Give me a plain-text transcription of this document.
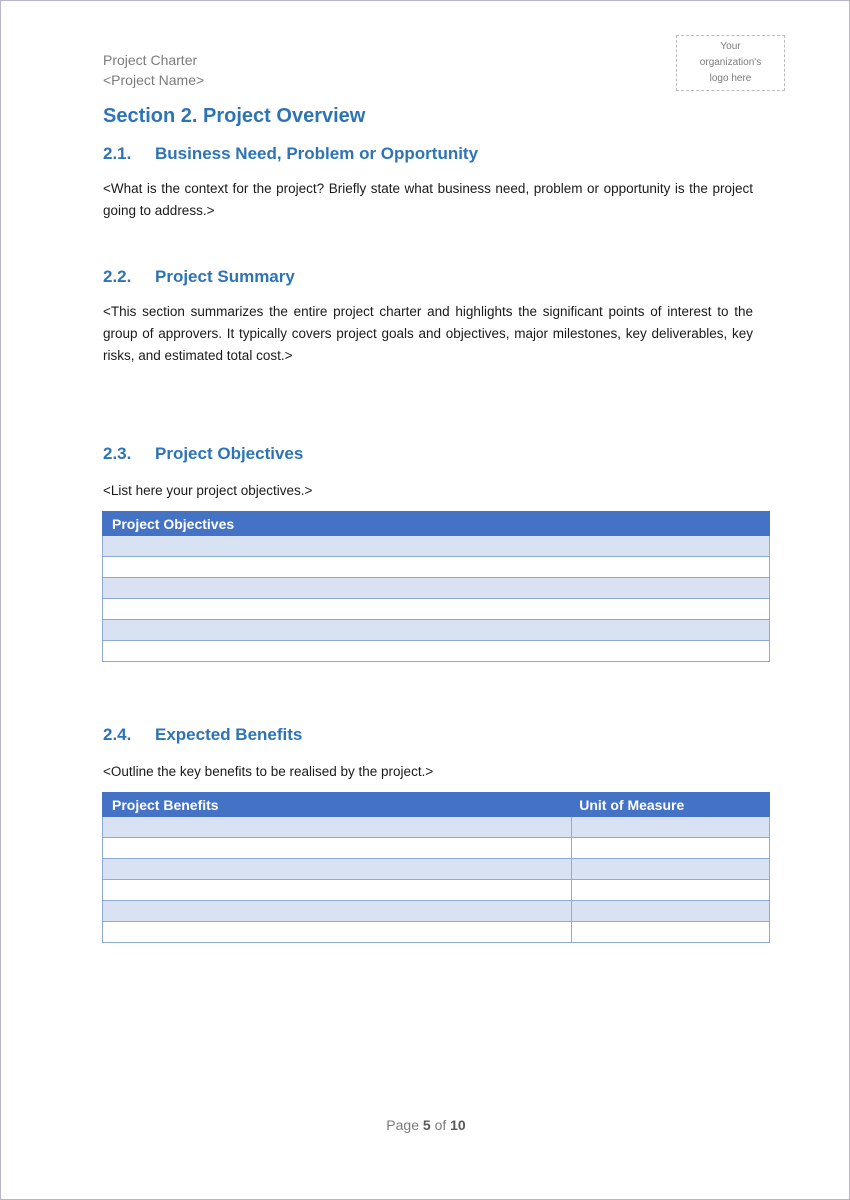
Project Charter
<Project Name>
Your
organization's
logo here
Section 2. Project Overview
2.1. Business Need, Problem or Opportunity
<What is the context for the project? Briefly state what business need, problem or opportunity is the project going to address.>
2.2. Project Summary
<This section summarizes the entire project charter and highlights the significant points of interest to the group of approvers. It typically covers project goals and objectives, major milestones, key deliverables, key risks, and estimated total cost.>
2.3. Project Objectives
<List here your project objectives.>
Project Objectives

2.4. Expected Benefits
<Outline the key benefits to be realised by the project.>
Project Benefits	Unit of Measure

Page 5 of 10
